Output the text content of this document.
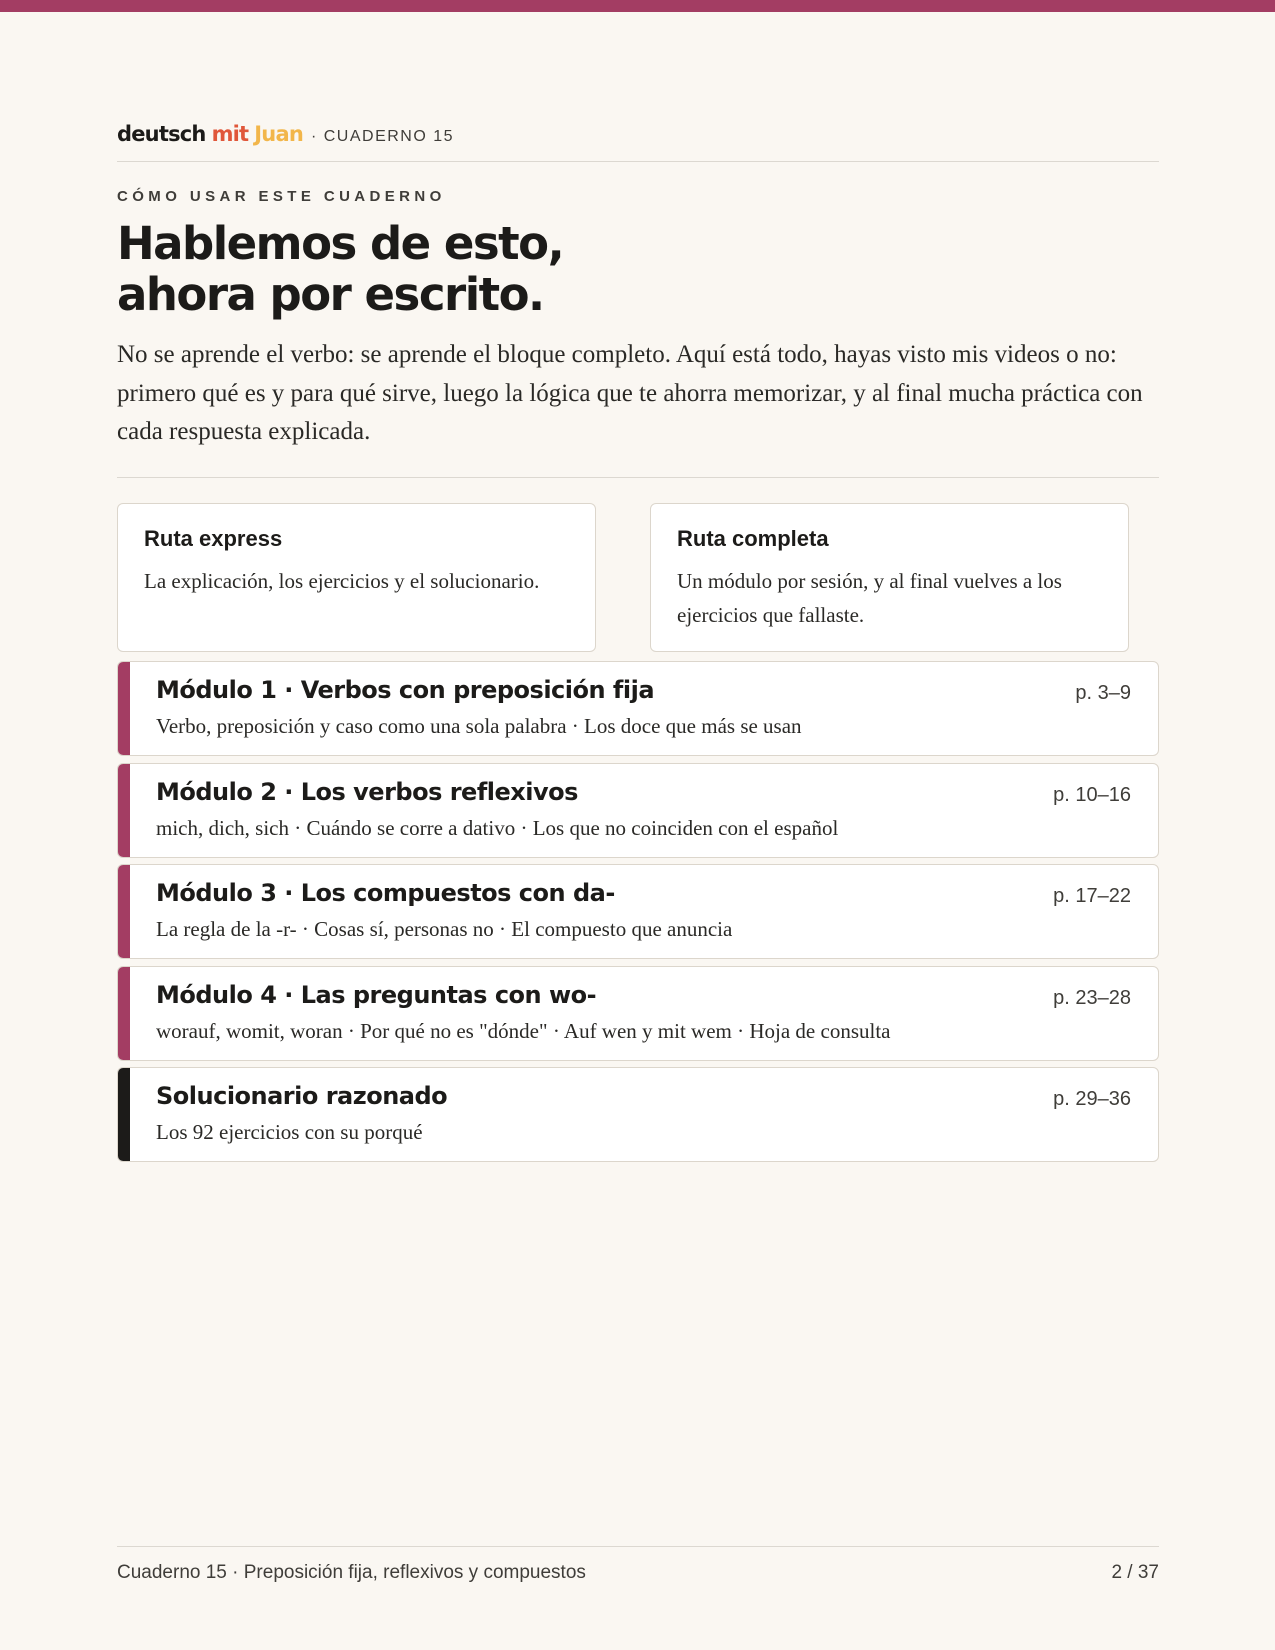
deutsch mit Juan · CUADERNO 15
CÓMO USAR ESTE CUADERNO
Hablemos de esto,
ahora por escrito.

No se aprende el verbo: se aprende el bloque completo. Aquí está todo, hayas visto mis videos o no: primero qué es y para qué sirve, luego la lógica que te ahorra memorizar, y al final mucha práctica con cada respuesta explicada.

Ruta express
La explicación, los ejercicios y el solucionario.
Ruta completa
Un módulo por sesión, y al final vuelves a los ejercicios que fallaste.
Módulo 1 · Verbos con preposición fija	p. 3–9
Verbo, preposición y caso como una sola palabra · Los doce que más se usan
Módulo 2 · Los verbos reflexivos	p. 10–16
mich, dich, sich · Cuándo se corre a dativo · Los que no coinciden con el español
Módulo 3 · Los compuestos con da-	p. 17–22
La regla de la -r- · Cosas sí, personas no · El compuesto que anuncia
Módulo 4 · Las preguntas con wo-	p. 23–28
worauf, womit, woran · Por qué no es "dónde" · Auf wen y mit wem · Hoja de consulta
Solucionario razonado	p. 29–36
Los 92 ejercicios con su porqué
Cuaderno 15 · Preposición fija, reflexivos y compuestos	2 / 37
